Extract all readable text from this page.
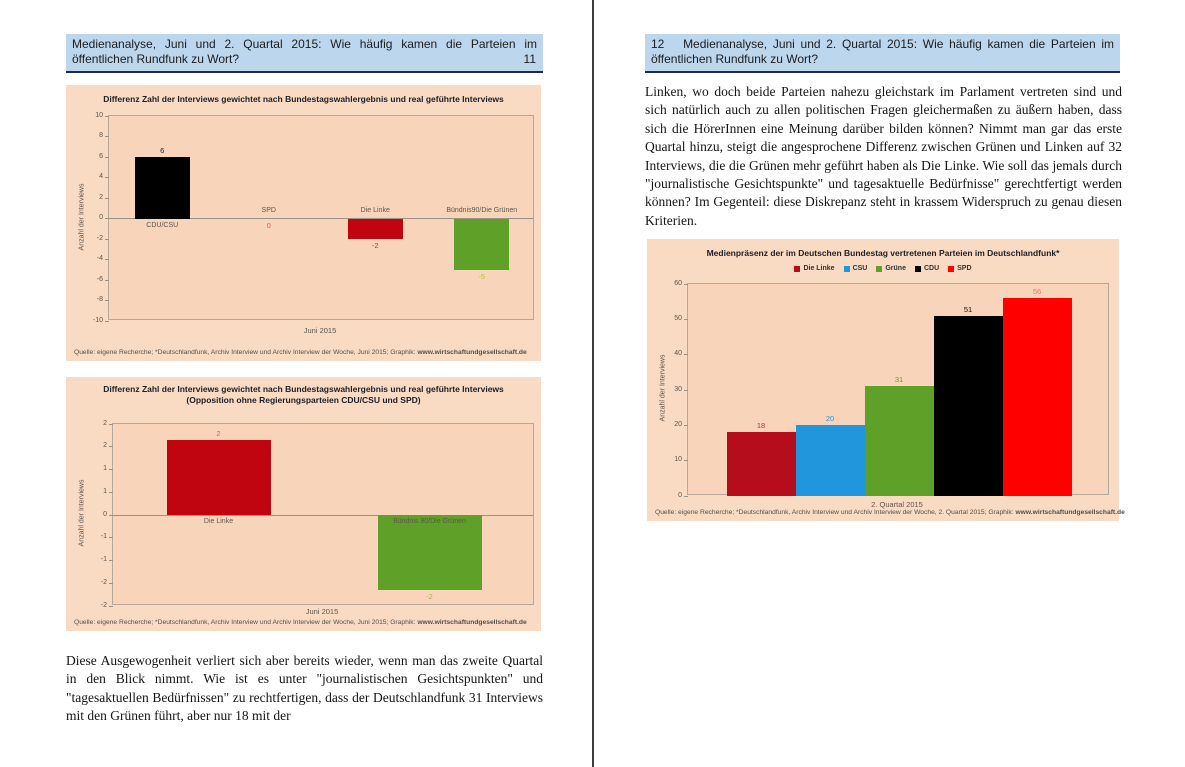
Medienanalyse, Juni und 2. Quartal 2015: Wie häufig kamen die Parteien im öffentlichen Rundfunk zu Wort?	11
Differenz Zahl der Interviews gewichtet nach Bundestagswahlergebnis und real geführte Interviews
Anzahl der Interviews
10
8
6
4
2
0
-2
-4
-6
-8
-10
6
CDU/CSU	0
SPD
-2
Die Linke
-5
Bündnis90/Die Grünen
Juni 2015
Quelle: eigene Recherche; *Deutschlandfunk, Archiv Interview und Archiv Interview der Woche, Juni 2015; Graphik: www.wirtschaftundgesellschaft.de
Differenz Zahl der Interviews gewichtet nach Bundestagswahlergebnis und real geführte Interviews
(Opposition ohne Regierungsparteien CDU/CSU und SPD)
Anzahl der Interviews
2
2
1
1
0
-1
-1
-2
-2
2
Die Linke
-2
Bündnis 90/Die Grünen
Juni 2015
Quelle: eigene Recherche; *Deutschlandfunk, Archiv Interview und Archiv Interview der Woche, Juni 2015; Graphik: www.wirtschaftundgesellschaft.de

Diese Ausgewogenheit verliert sich aber bereits wieder, wenn man das zweite Quartal in den Blick nimmt. Wie ist es unter "journalistischen Gesichtspunkten" und "tagesaktuellen Bedürfnissen" zu rechtfertigen, dass der Deutschlandfunk 31 Interviews mit den Grünen führt, aber nur 18 mit der

12 Medienanalyse, Juni und 2. Quartal 2015: Wie häufig kamen die Parteien im öffentlichen Rundfunk zu Wort?

Linken, wo doch beide Parteien nahezu gleichstark im Parlament vertreten sind und sich natürlich auch zu allen politischen Fragen gleichermaßen zu äußern haben, dass sich die HörerInnen eine Meinung darüber bilden können? Nimmt man gar das erste Quartal hinzu, steigt die angesprochene Differenz zwischen Grünen und Linken auf 32 Interviews, die die Grünen mehr geführt haben als Die Linke. Wie soll das jemals durch "journalistische Gesichtspunkte" und tagesaktuelle Bedürfnisse" gerechtfertigt werden können? Im Gegenteil: diese Diskrepanz steht in krassem Widerspruch zu genau diesen Kriterien.

Medienpräsenz der im Deutschen Bundestag vertretenen Parteien im Deutschlandfunk*
Die Linke	CSU	Grüne	CDU	SPD
Anzahl der Interviews
60
50
40
30
20
10
0
18
20
31
51
56
2. Quartal 2015
Quelle: eigene Recherche; *Deutschlandfunk, Archiv Interview und Archiv Interview der Woche, 2. Quartal 2015; Graphik: www.wirtschaftundgesellschaft.de
